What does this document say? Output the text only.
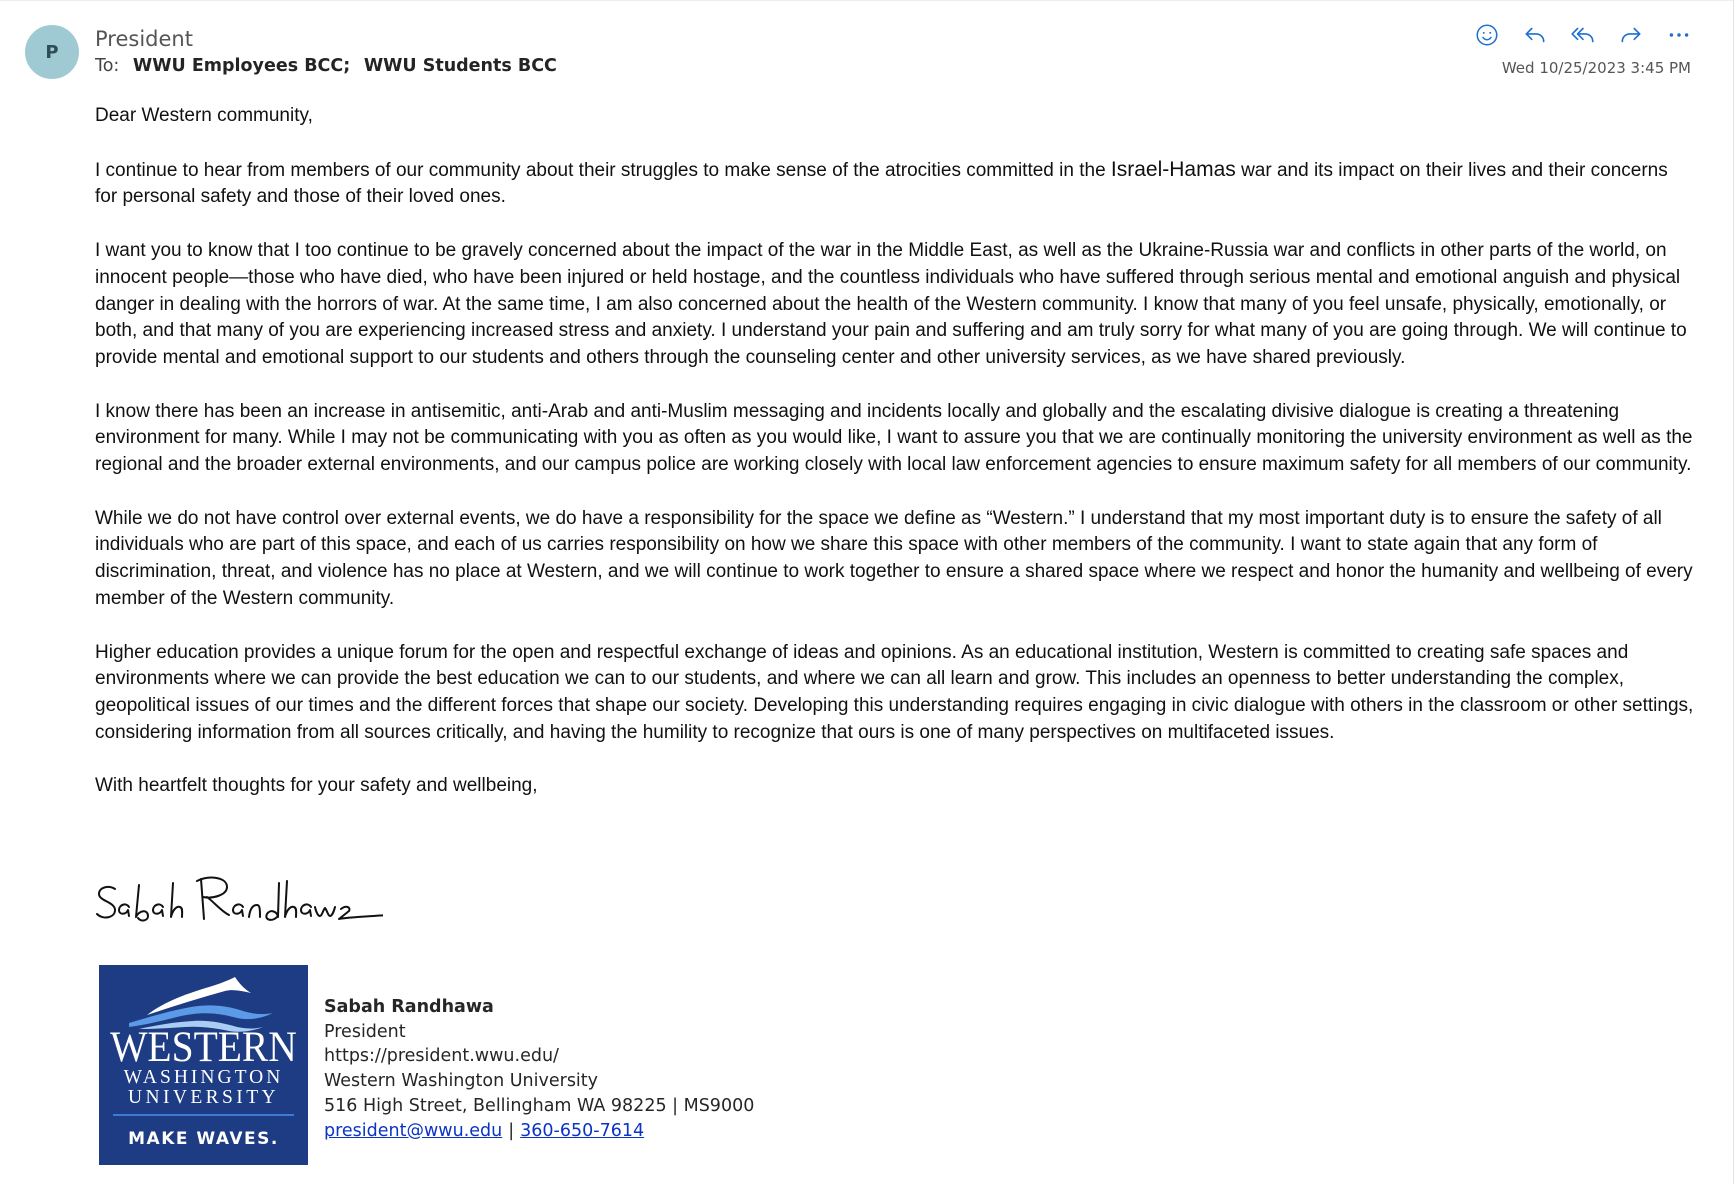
P
President
To: WWU Employees BCC; WWU Students BCC	Wed 10/25/2023 3:45 PM

Dear Western community,

I continue to hear from members of our community about their struggles to make sense of the atrocities committed in the Israel-Hamas war and its impact on their lives and their concerns for personal safety and those of their loved ones.

I want you to know that I too continue to be gravely concerned about the impact of the war in the Middle East, as well as the Ukraine-Russia war and conflicts in other parts of the world, on innocent people—those who have died, who have been injured or held hostage, and the countless individuals who have suffered through serious mental and emotional anguish and physical danger in dealing with the horrors of war. At the same time, I am also concerned about the health of the Western community. I know that many of you feel unsafe, physically, emotionally, or both, and that many of you are experiencing increased stress and anxiety. I understand your pain and suffering and am truly sorry for what many of you are going through. We will continue to provide mental and emotional support to our students and others through the counseling center and other university services, as we have shared previously.

I know there has been an increase in antisemitic, anti-Arab and anti-Muslim messaging and incidents locally and globally and the escalating divisive dialogue is creating a threatening environment for many. While I may not be communicating with you as often as you would like, I want to assure you that we are continually monitoring the university environment as well as the regional and the broader external environments, and our campus police are working closely with local law enforcement agencies to ensure maximum safety for all members of our community.

While we do not have control over external events, we do have a responsibility for the space we define as “Western.” I understand that my most important duty is to ensure the safety of all individuals who are part of this space, and each of us carries responsibility on how we share this space with other members of the community. I want to state again that any form of discrimination, threat, and violence has no place at Western, and we will continue to work together to ensure a shared space where we respect and honor the humanity and wellbeing of every member of the Western community.

Higher education provides a unique forum for the open and respectful exchange of ideas and opinions. As an educational institution, Western is committed to creating safe spaces and environments where we can provide the best education we can to our students, and where we can all learn and grow. This includes an openness to better understanding the complex, geopolitical issues of our times and the different forces that shape our society. Developing this understanding requires engaging in civic dialogue with others in the classroom or other settings, considering information from all sources critically, and having the humility to recognize that ours is one of many perspectives on multifaceted issues.

With heartfelt thoughts for your safety and wellbeing,

WESTERN
WASHINGTON
UNIVERSITY
MAKE WAVES.
Sabah Randhawa
President
https://president.wwu.edu/
Western Washington University
516 High Street, Bellingham WA 98225 | MS9000
president@wwu.edu | 360-650-7614
